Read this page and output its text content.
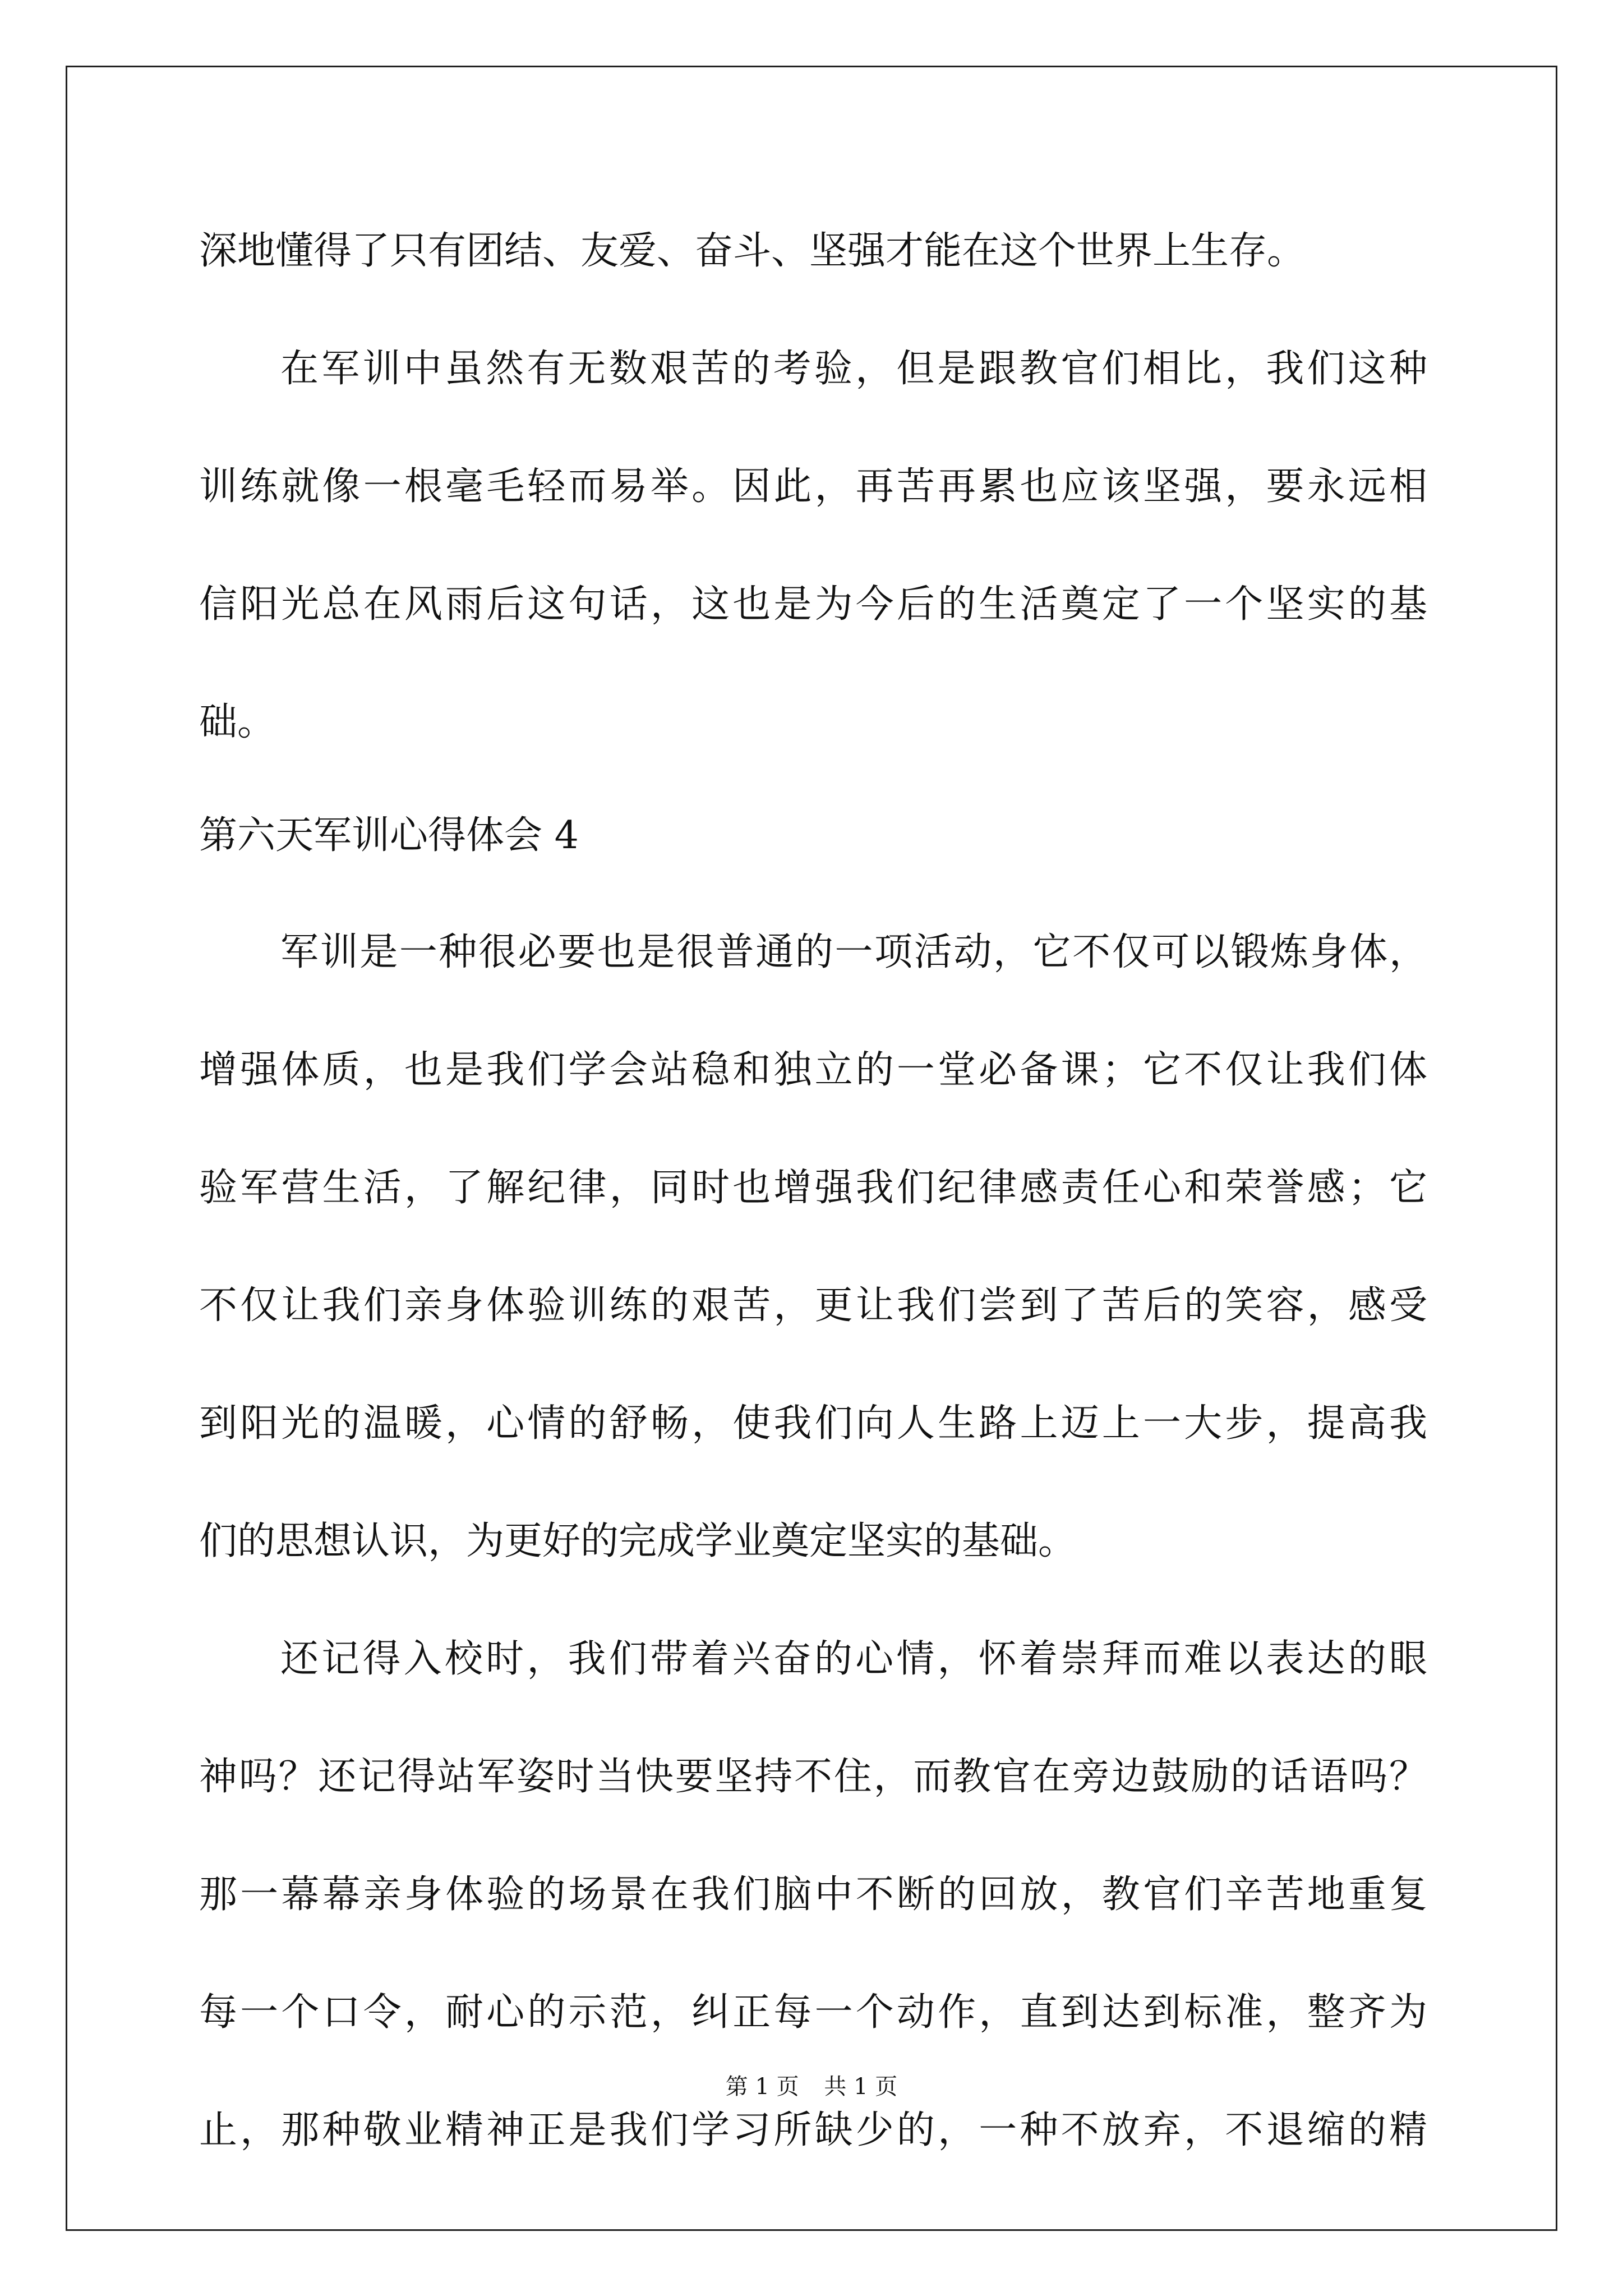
深地懂得了只有团结、友爱、奋斗、坚强才能在这个世界上生存。
在军训中虽然有无数艰苦的考验，但是跟教官们相比，我们这种
训练就像一根毫毛轻而易举。因此，再苦再累也应该坚强，要永远相
信阳光总在风雨后这句话，这也是为今后的生活奠定了一个坚实的基
础。
第六天军训心得体会 4
军训是一种很必要也是很普通的一项活动，它不仅可以锻炼身体，
增强体质，也是我们学会站稳和独立的一堂必备课；它不仅让我们体
验军营生活，了解纪律，同时也增强我们纪律感责任心和荣誉感；它
不仅让我们亲身体验训练的艰苦，更让我们尝到了苦后的笑容，感受
到阳光的温暖，心情的舒畅，使我们向人生路上迈上一大步，提高我
们的思想认识，为更好的完成学业奠定坚实的基础。
还记得入校时，我们带着兴奋的心情，怀着崇拜而难以表达的眼
神吗？还记得站军姿时当快要坚持不住，而教官在旁边鼓励的话语吗？
那一幕幕亲身体验的场景在我们脑中不断的回放，教官们辛苦地重复
每一个口令，耐心的示范，纠正每一个动作，直到达到标准，整齐为
止，那种敬业精神正是我们学习所缺少的，一种不放弃，不退缩的精
第 1 页 共 1 页
